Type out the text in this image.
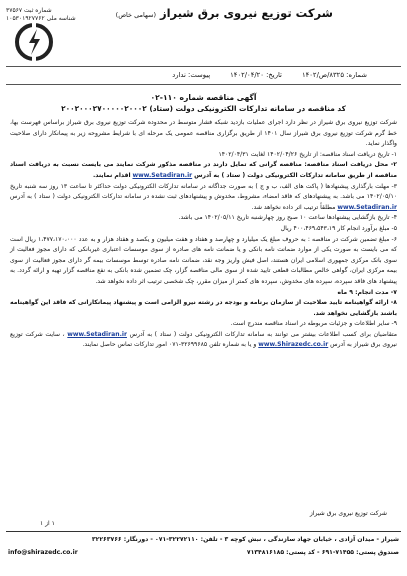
شرکت توزیع نیروی برق شیراز (سهامی خاص)
شماره ثبت ۳۷۵۶۷
شناسه ملی ۱۰۵۳۰۱۹۲۷۷۶۲
شماره: ۸۳۲۵/ص/۱۴۰۲
تاریخ: ۱۴۰۲/۰۴/۲۰
پیوست: ندارد
آگهی مناقصه شماره ۱۱۰-۰۲
کد مناقصه در سامانه تدارکات الکترونیکی دولت (ستاد) ۲۰۰۲۰۰۰۲۷۰۰۰۰۰۲۰۰۰۲

شرکت توزیع نیروی برق شیراز در نظر دارد اجرای عملیات بازدید شبکه فشار متوسط در محدوده شرکت توزیع نیروی برق شیراز براساس فهرست بها، خط گرم شرکت توزیع نیروی برق شیراز سال ۱۴۰۱ از طریق برگزاری مناقصه عمومی یک مرحله ای با شرایط مشروحه زیر به پیمانکار دارای صلاحیت واگذار نماید.

۱- تاریخ دریافت اسناد مناقصه: از تاریخ ۱۴۰۲/۰۴/۲۶ لغایت ۱۴۰۲/۰۴/۳۱

۲- محل دریافت اسناد مناقصه: مناقصه گرانی که تمایل دارند در مناقصه مذکور شرکت نمایند می بایست نسبت به دریافت اسناد مناقصه از طریق سامانه تدارکات الکترونیکی دولت ( ستاد ) به آدرس www.Setadiran.ir اقدام نمایند.

۳- مهلت بارگذاری پیشنهادها ( پاکت های الف، ب و ج ) به صورت جداگانه در سامانه تدارکات الکترونیکی دولت حداکثر تا ساعت ۱۳ روز سه شنبه تاریخ ۱۴۰۲/۰۵/۱۰ می باشد. به پیشنهادهای که فاقد امضاء، مشروط، مخدوش و پیشنهادهای ثبت نشده در سامانه تدارکات الکترونیکی دولت ( ستاد ) به آدرس www.Setadiran.ir مطلقاً ترتیب اثر داده نخواهد شد.

۴- تاریخ بازگشایی پیشنهادها ساعت ۱۰ صبح روز چهارشنبه تاریخ ۱۴۰۲/۰۵/۱۱ می باشد.

۵- مبلغ برآورد انجام کار ۴۰۰،۴۶۹،۵۴۳،۱۹ ریال

۶- مبلغ تضمین شرکت در مناقصه : به حروف مبلغ یک میلیارد و چهارصد و هفتاد و هفت میلیون و یکصد و هفتاد هزار و به عدد ۱،۴۷۷،۱۷۰،۰۰۰ ریال است که می بایست به صورت یکی از موارد ضمانت نامه بانکی و یا ضمانت نامه های صادره از سوی موسسات اعتباری غیربانکی که دارای مجوز فعالیت از سوی بانک مرکزی جمهوری اسلامی ایران هستند، اصل فیش واریز وجه نقد، ضمانت نامه صادره توسط موسسات بیمه گر دارای مجوز فعالیت از سوی بیمه مرکزی ایران، گواهی خالص مطالبات قطعی تایید شده از سوی مالی مناقصه گزار، چک تضمین شده بانکی به نفع مناقصه گزار تهیه و ارائه گردد. به پیشنهاد های فاقد سپرده، سپرده های مخدوش، سپرده های کمتر از میزان مقرر، چک شخصی ترتیب اثر داده نخواهد شد.

۷- مدت انجام: ۹ ماه

۸- ارائه گواهینامه تایید صلاحیت از سازمان برنامه و بودجه در رشته نیرو الزامی است و پیشنهاد پیمانکارانی که فاقد این گواهینامه باشند بازگشایی نخواهد شد.

۹- سایر اطلاعات و جزئیات مربوطه در اسناد مناقصه مندرج است.

متقاضیان برای کسب اطلاعات بیشتر می توانند به سامانه تدارکات الکترونیکی دولت ( ستاد ) به آدرس www.Setadiran.ir ، سایت شرکت توزیع نیروی برق شیراز به آدرس www.Shirazedc.co.ir و یا به شماره تلفن ۳۲۶۹۹۶۸۵-۰۷۱ امور تدارکات تماس حاصل نمایند.

شرکت توزیع نیروی برق شیراز
۱ از ۱
شیراز - میدان آزادی ، خیابان جهاد سازندگی ، نبش کوچه ۳ - تلفن: ۳۲۲۷۲۱۱۰-۰۷۱ - دورنگار: ۳۲۲۶۳۷۶۶
صندوق پستی: ۷۱۴۵۵-۶۹۱ - کد پستی: ۷۱۳۴۸۱۶۱۸۵
info@shirazedc.co.ir
